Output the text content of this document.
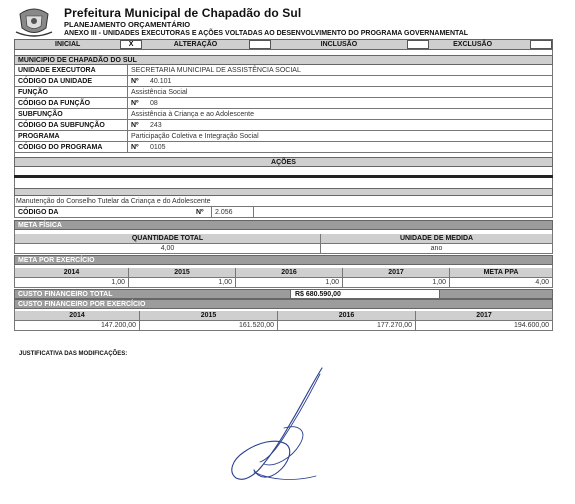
Prefeitura Municipal de Chapadão do Sul
PLANEJAMENTO ORÇAMENTÁRIO
ANEXO III - UNIDADES EXECUTORAS E AÇÕES VOLTADAS AO DESENVOLVIMENTO DO PROGRAMA GOVERNAMENTAL
INICIAL	X	ALTERAÇÃO	INCLUSÃO	EXCLUSÃO
MUNICIPIO DE CHAPADÃO DO SUL
UNIDADE EXECUTORA	SECRETARIA MUNICIPAL DE ASSISTÊNCIA SOCIAL
CÓDIGO DA UNIDADE	Nº	40.101
FUNÇÃO	Assistência Social
CÓDIGO DA FUNÇÃO	Nº	08
SUBFUNÇÃO	Assistência à Criança e ao Adolescente
CÓDIGO DA SUBFUNÇÃO	Nº	243
PROGRAMA	Participação Coletiva e Integração Social
CÓDIGO DO PROGRAMA	Nº	0105
AÇÕES
Manutenção do Conselho Tutelar da Criança e do Adolescente
CÓDIGO DA	Nº	2.056
META FÍSICA
QUANTIDADE TOTAL	UNIDADE DE MEDIDA
4,00	ano
META POR EXERCÍCIO
2014	2015	2016	2017	META PPA
1,00	1,00	1,00	1,00	4,00
CUSTO FINANCEIRO TOTAL	R$ 680.590,00
CUSTO FINANCEIRO POR EXERCÍCIO
2014	2015	2016	2017
147.200,00	161.520,00	177.270,00	194.600,00
JUSTIFICATIVA DAS MODIFICAÇÕES:
